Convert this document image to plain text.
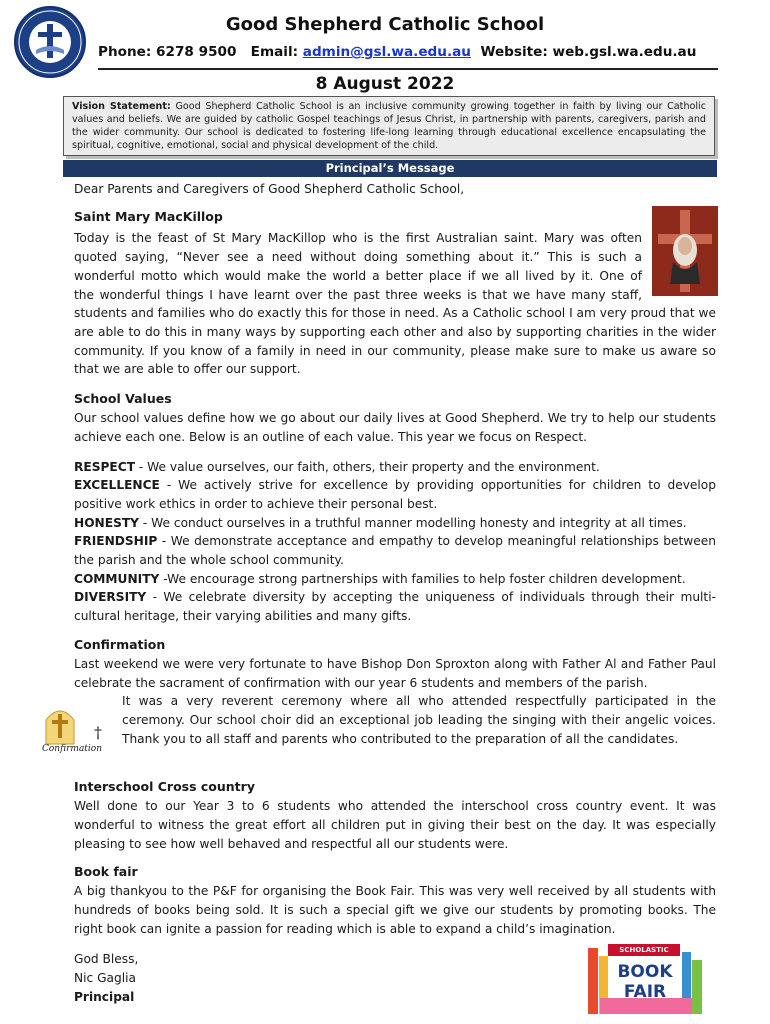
Good Shepherd Catholic School
Phone: 6278 9500 Email: admin@gsl.wa.edu.au Website: web.gsl.wa.edu.au
8 August 2022
Vision Statement: Good Shepherd Catholic School is an inclusive community growing together in faith by living our Catholic values and beliefs. We are guided by catholic Gospel teachings of Jesus Christ, in partnership with parents, caregivers, parish and the wider community. Our school is dedicated to fostering life-long learning through educational excellence encapsulating the spiritual, cognitive, emotional, social and physical development of the child.
Principal’s Message

Dear Parents and Caregivers of Good Shepherd Catholic School,

Saint Mary MacKillop

Today is the feast of St Mary MacKillop who is the first Australian saint. Mary was often

quoted saying, “Never see a need without doing something about it.” This is such a

wonderful motto which would make the world a better place if we all lived by it. One of

the wonderful things I have learnt over the past three weeks is that we have many staff,

students and families who do exactly this for those in need. As a Catholic school I am very proud that we are able to do this in many ways by supporting each other and also by supporting charities in the wider community. If you know of a family in need in our community, please make sure to make us aware so that we are able to offer our support.

School Values

Our school values define how we go about our daily lives at Good Shepherd. We try to help our students achieve each one. Below is an outline of each value. This year we focus on Respect.

RESPECT - We value ourselves, our faith, others, their property and the environment.

EXCELLENCE - We actively strive for excellence by providing opportunities for children to develop positive work ethics in order to achieve their personal best.

HONESTY - We conduct ourselves in a truthful manner modelling honesty and integrity at all times.

FRIENDSHIP - We demonstrate acceptance and empathy to develop meaningful relationships between the parish and the whole school community.

COMMUNITY -We encourage strong partnerships with families to help foster children development.

DIVERSITY - We celebrate diversity by accepting the uniqueness of individuals through their multi-cultural heritage, their varying abilities and many gifts.

Confirmation

Last weekend we were very fortunate to have Bishop Don Sproxton along with Father Al and Father Paul celebrate the sacrament of confirmation with our year 6 students and members of the parish.

It was a very reverent ceremony where all who attended respectfully participated in the ceremony. Our school choir did an exceptional job leading the singing with their angelic voices. Thank you to all staff and parents who contributed to the preparation of all the candidates.

†
Confirmation

Interschool Cross country

Well done to our Year 3 to 6 students who attended the interschool cross country event. It was wonderful to witness the great effort all children put in giving their best on the day. It was especially pleasing to see how well behaved and respectful all our students were.

Book fair

A big thankyou to the P&F for organising the Book Fair. This was very well received by all students with hundreds of books being sold. It is such a special gift we give our students by promoting books. The right book can ignite a passion for reading which is able to expand a child’s imagination.

God Bless,

Nic Gaglia

Principal

SCHOLASTIC
BOOK FAIR
